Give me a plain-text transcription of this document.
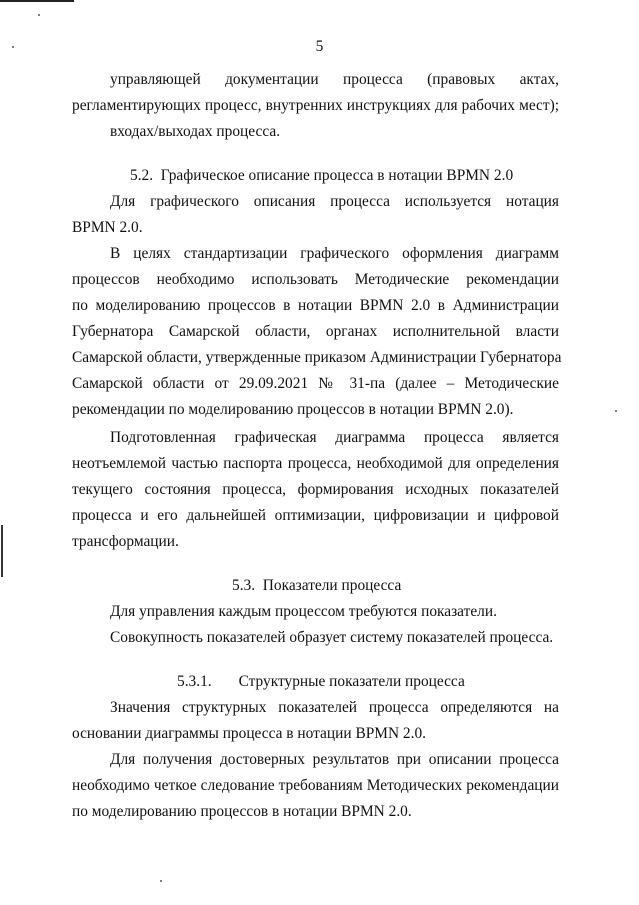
5
управляющей документации процесса (правовых актах,
регламентирующих процесс, внутренних инструкциях для рабочих мест);
входах/выходах процесса.
5.2. Графическое описание процесса в нотации BPMN 2.0
Для графического описания процесса используется нотация
BPMN 2.0.
В целях стандартизации графического оформления диаграмм
процессов необходимо использовать Методические рекомендации
по моделированию процессов в нотации BPMN 2.0 в Администрации
Губернатора Самарской области, органах исполнительной власти
Самарской области, утвержденные приказом Администрации Губернатора
Самарской области от 29.09.2021 № 31-па (далее – Методические
рекомендации по моделированию процессов в нотации BPMN 2.0).
Подготовленная графическая диаграмма процесса является
неотъемлемой частью паспорта процесса, необходимой для определения
текущего состояния процесса, формирования исходных показателей
процесса и его дальнейшей оптимизации, цифровизации и цифровой
трансформации.
5.3. Показатели процесса
Для управления каждым процессом требуются показатели.
Совокупность показателей образует систему показателей процесса.
5.3.1. Структурные показатели процесса
Значения структурных показателей процесса определяются на
основании диаграммы процесса в нотации BPMN 2.0.
Для получения достоверных результатов при описании процесса
необходимо четкое следование требованиям Методических рекомендации
по моделированию процессов в нотации BPMN 2.0.
